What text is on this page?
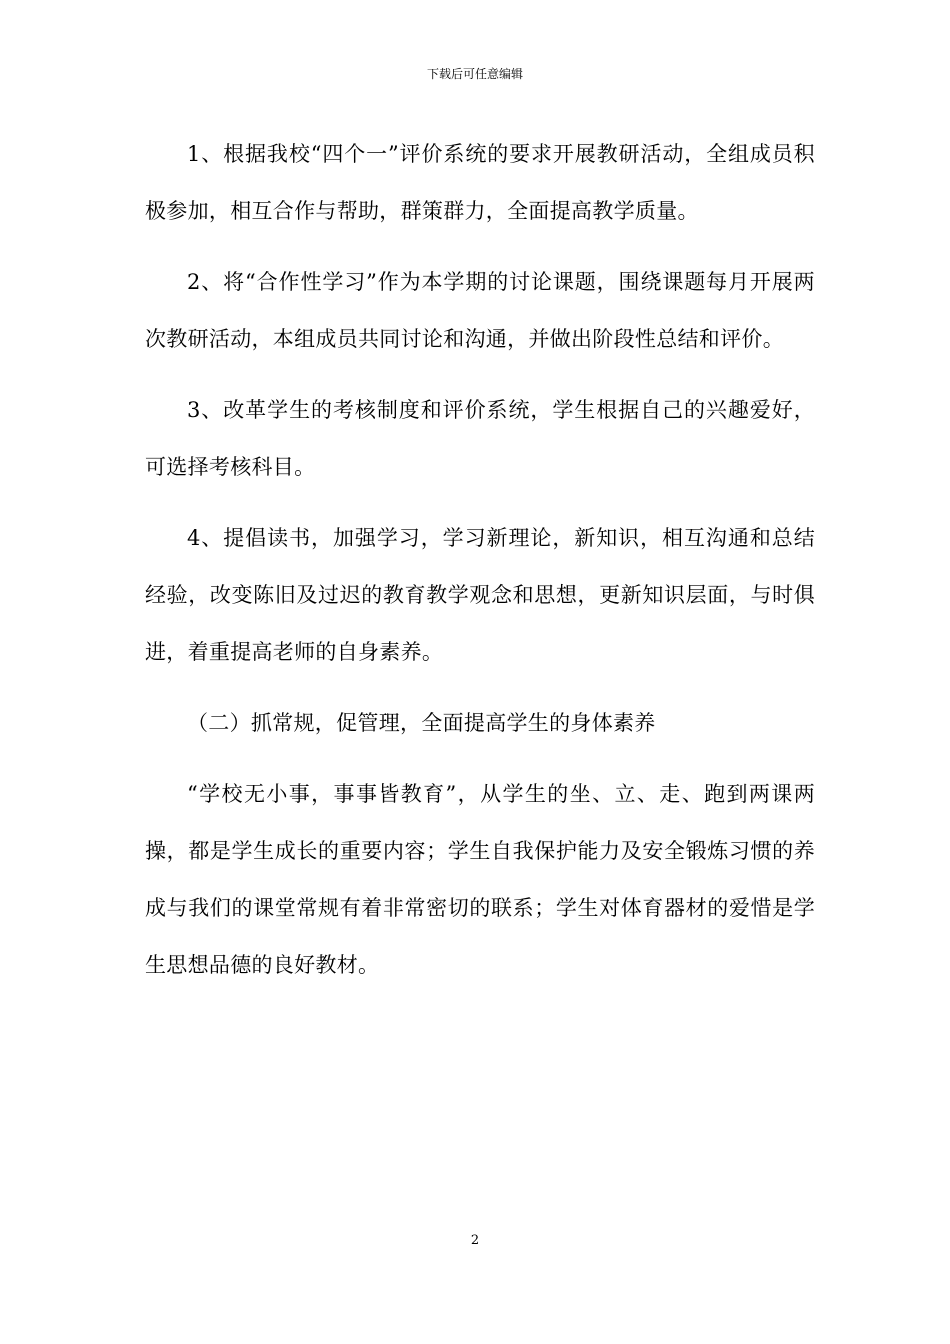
下载后可任意编辑

1、根据我校“四个一”评价系统的要求开展教研活动，全组成员积极参加，相互合作与帮助，群策群力，全面提高教学质量。

2、将“合作性学习”作为本学期的讨论课题，围绕课题每月开展两次教研活动，本组成员共同讨论和沟通，并做出阶段性总结和评价。

3、改革学生的考核制度和评价系统，学生根据自己的兴趣爱好，可选择考核科目。

4、提倡读书，加强学习，学习新理论，新知识，相互沟通和总结经验，改变陈旧及过迟的教育教学观念和思想，更新知识层面，与时俱进，着重提高老师的自身素养。

（二）抓常规，促管理，全面提高学生的身体素养

“学校无小事，事事皆教育”，从学生的坐、立、走、跑到两课两操，都是学生成长的重要内容；学生自我保护能力及安全锻炼习惯的养成与我们的课堂常规有着非常密切的联系；学生对体育器材的爱惜是学生思想品德的良好教材。

2
